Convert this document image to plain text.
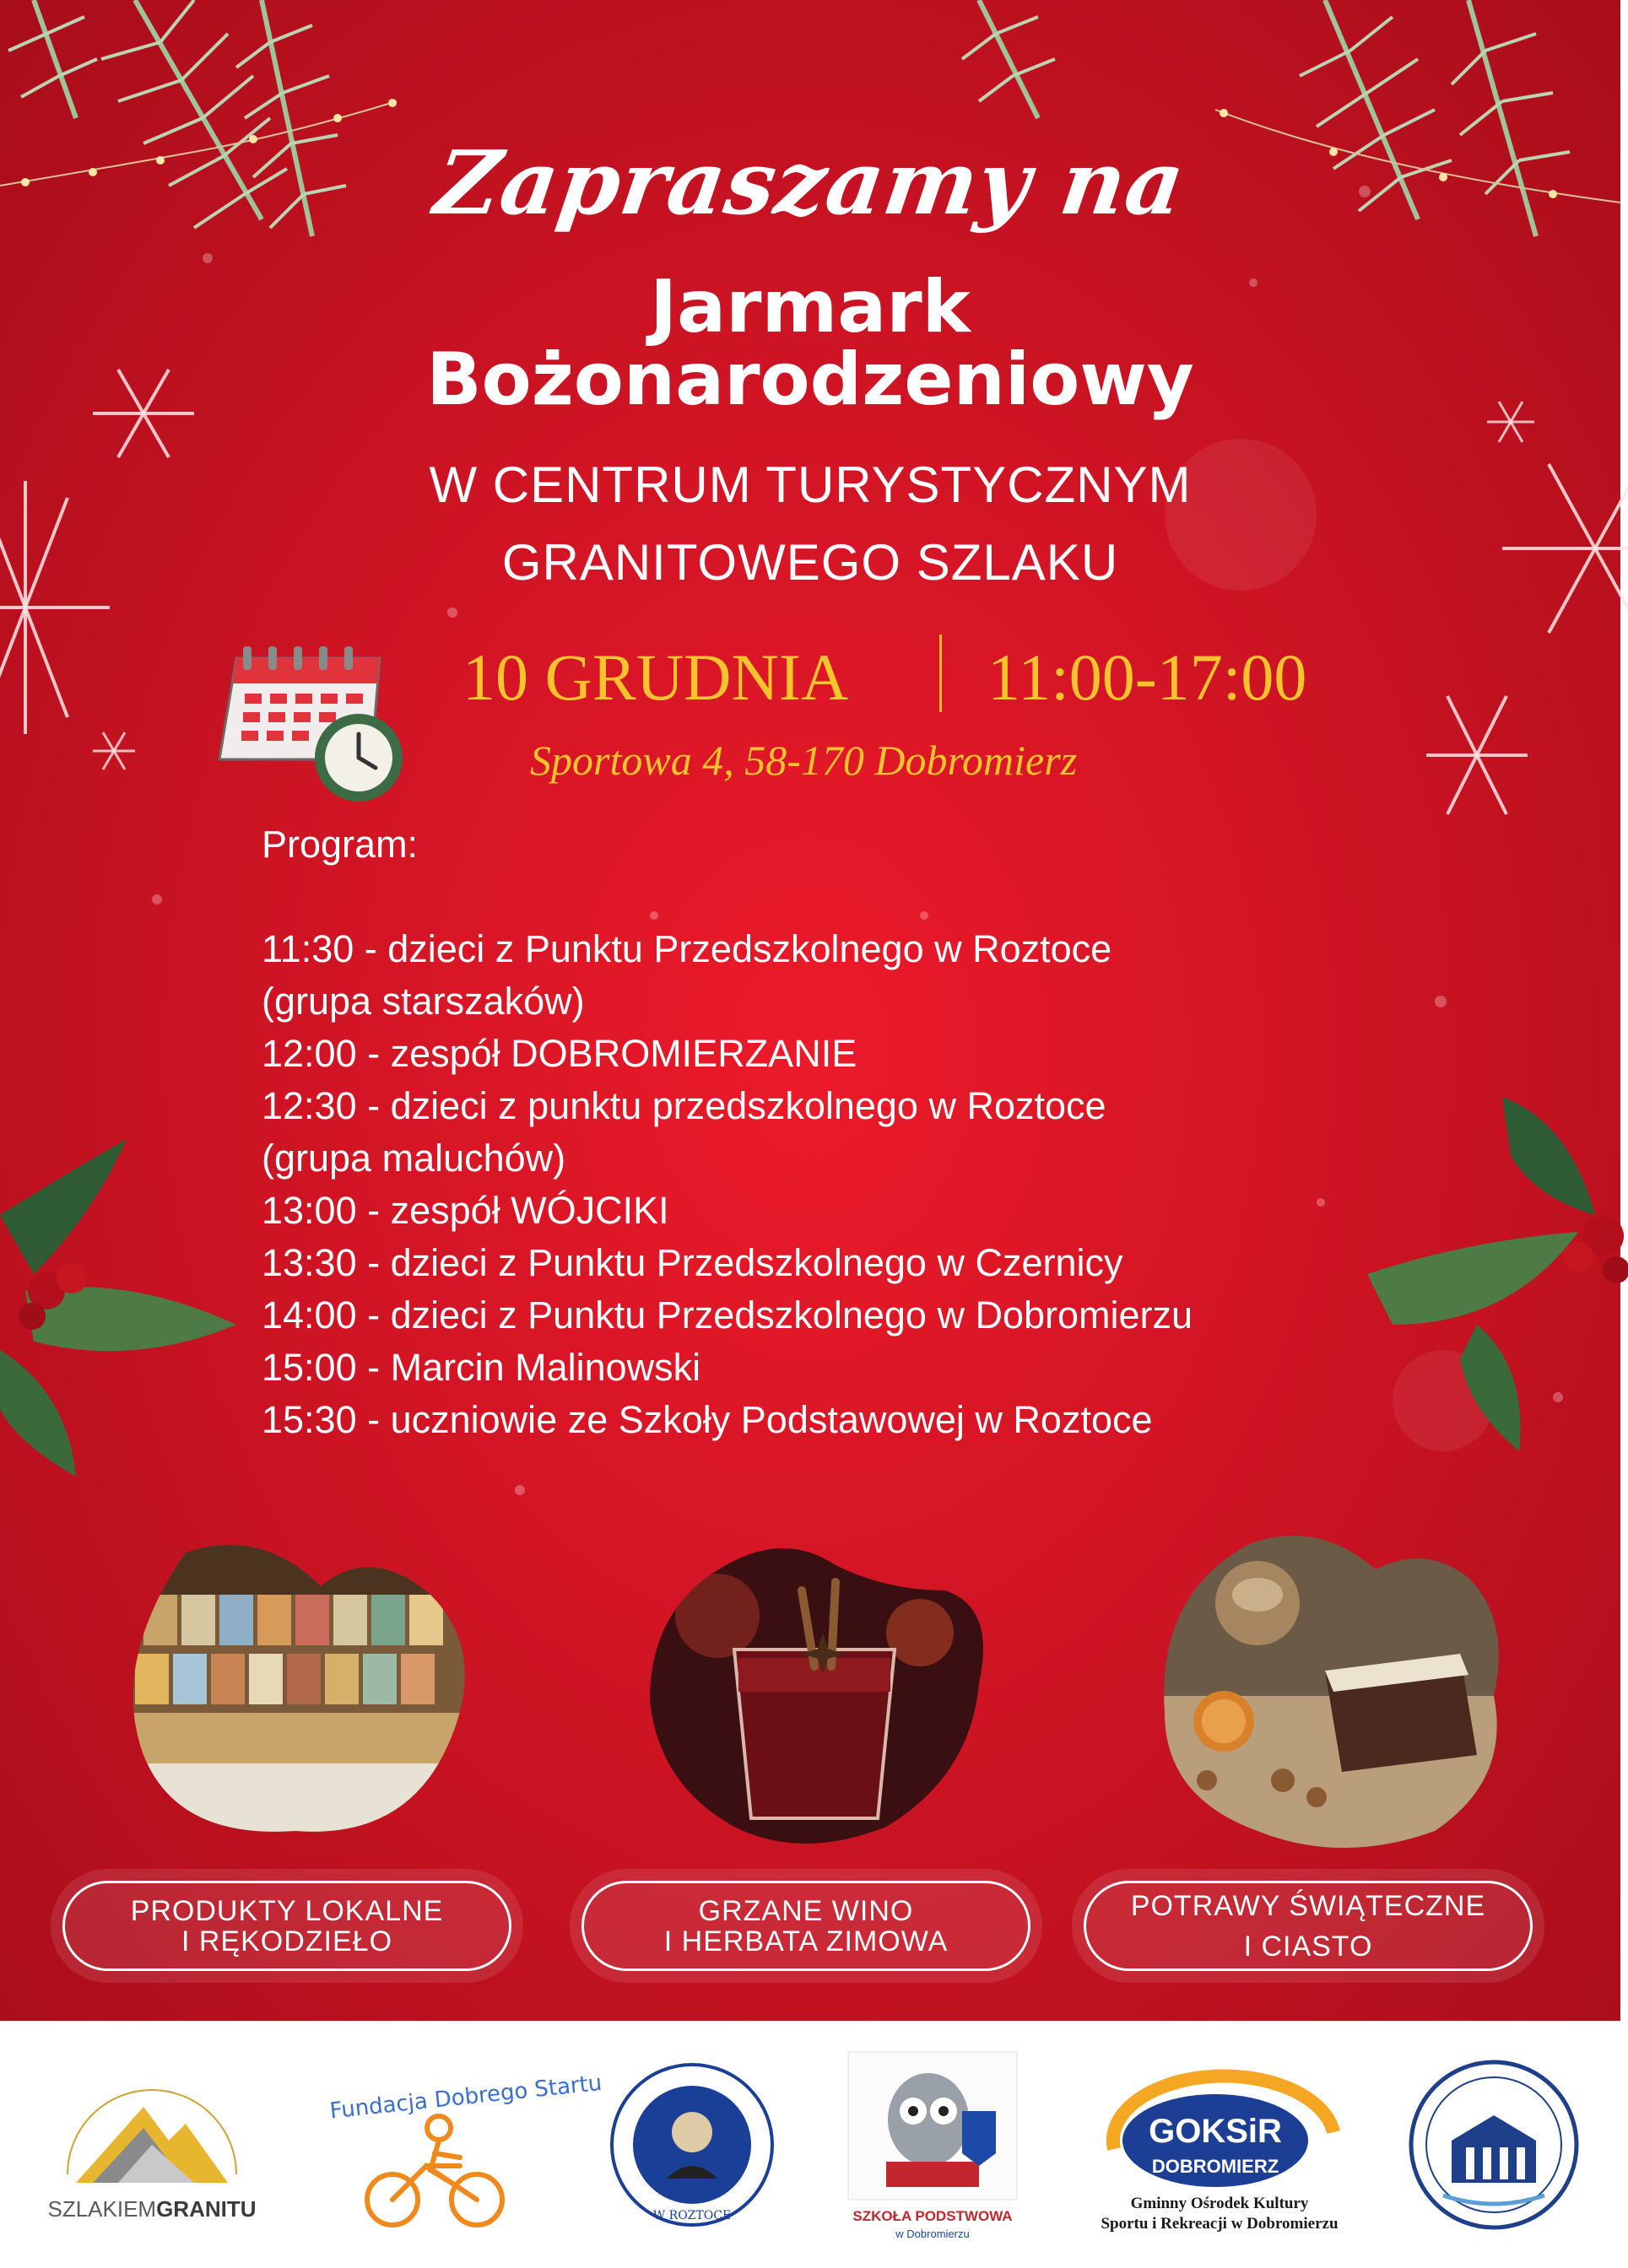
Zapraszamy na
Jarmark
Bożonarodzeniowy
W CENTRUM TURYSTYCZNYM
GRANITOWEGO SZLAKU
10 GRUDNIA 11:00-17:00
Sportowa 4, 58-170 Dobromierz
Program:
11:30 - dzieci z Punktu Przedszkolnego w Roztoce
(grupa starszaków)
12:00 - zespół DOBROMIERZANIE
12:30 - dzieci z punktu przedszkolnego w Roztoce
(grupa maluchów)
13:00 - zespół WÓJCIKI
13:30 - dzieci z Punktu Przedszkolnego w Czernicy
14:00 - dzieci z Punktu Przedszkolnego w Dobromierzu
15:00 - Marcin Malinowski
15:30 - uczniowie ze Szkoły Podstawowej w Roztoce
PRODUKTY LOKALNE
I RĘKODZIEŁO
GRZANE WINO
I HERBATA ZIMOWA
POTRAWY ŚWIĄTECZNE
I CIASTO
SZLAKIEMGRANITU
Fundacja Dobrego Startu
W ROZTOCE	SZKOŁA PODSTWOWA
w Dobromierzu
GOKSiR
DOBROMIERZ
Gminny Ośrodek Kultury
Sportu i Rekreacji w Dobromierzu
